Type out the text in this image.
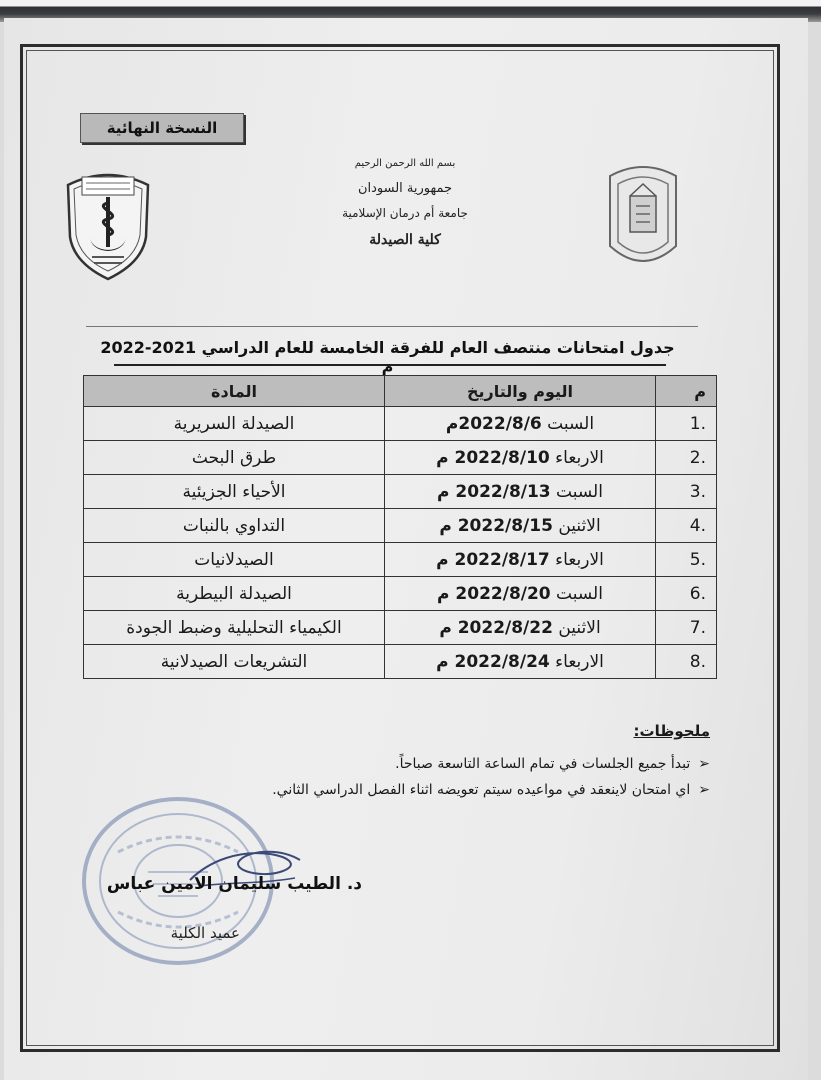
النسخة النهائية
بسم الله الرحمن الرحيم
جمهورية السودان
جامعة أم درمان الإسلامية
كلية الصيدلة
جدول امتحانات منتصف العام للفرقة الخامسة للعام الدراسي 2021-2022 م
م	اليوم والتاريخ	المادة
1.	السبت 2022/8/6م	الصيدلة السريرية
2.	الاربعاء 2022/8/10 م	طرق البحث
3.	السبت 2022/8/13 م	الأحياء الجزيئية
4.	الاثنين 2022/8/15 م	التداوي بالنبات
5.	الاربعاء 2022/8/17 م	الصيدلانيات
6.	السبت 2022/8/20 م	الصيدلة البيطرية
7.	الاثنين 2022/8/22 م	الكيمياء التحليلية وضبط الجودة
8.	الاربعاء 2022/8/24 م	التشريعات الصيدلانية
ملحوظات:
➢تبدأ جميع الجلسات في تمام الساعة التاسعة صباحاً.
➢اي امتحان لاينعقد في مواعيده سيتم تعويضه اثناء الفصل الدراسي الثاني.
د. الطيب سليمان الامين عباس
عميد الكلية
